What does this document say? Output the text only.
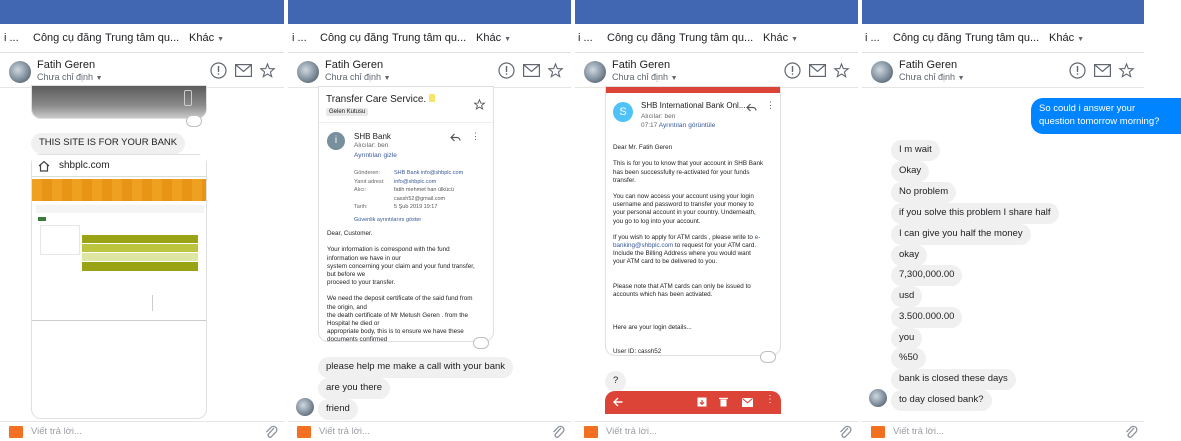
i ... Công cụ đăng Trung tâm qu... Khác ▼
Fatih Geren
Chưa chỉ định ▼
THIS SITE IS FOR YOUR BANK
shbplc.com
Viết trả lời...
i ... Công cụ đăng Trung tâm qu... Khác ▼
Fatih Geren
Chưa chỉ định ▼
Transfer Care Service.
Gelen Kutusu
i	SHB Bank
Alıcılar: ben
Ayrıntıları gizle
⋮
Gönderen:
Yanıt adresi:
Alıcı:

Tarih:
SHB Bank info@shbplc.com
info@shbplc.com
fatih mehmet han ülkücü
cassh52@gmail.com
5 Şub 2019 19:17
Güvenlik ayrıntılarını göster
Dear, Customer.

Your information is correspond with the fund
information we have in our
system concerning your claim and your fund transfer,
but before we
proceed to your transfer.

We need the deposit certificate of the said fund from
the origin, and
the death certificate of Mr Metush Geren . from the
Hospital he died or
appropriate body, this is to ensure we have these
documents confirmed
please help me make a call with your bank
are you there
friend
Viết trả lời...
i ... Công cụ đăng Trung tâm qu... Khác ▼
Fatih Geren
Chưa chỉ định ▼
S
SHB International Bank Onl...
Alıcılar: ben
07:17 Ayrıntıları görüntüle
⋮
Dear Mr. Fatih Geren

This is for you to know that your account in SHB Bank
has been successfully re-activated for your funds
transfer.

You can now access your account using your login
username and password to transfer your money to
your personal account in your country. Underneath,
you go to log into your account.

If you wish to apply for ATM cards , please write to e-banking@shbplc.com to request for your ATM card.
Include the Billing Address where you would want
your ATM card to be delivered to you.

Please note that ATM cards can only be issued to
accounts which has been activated.

Here are your login details...

User ID: cassh52
?
⋮
Viết trả lời...
i ... Công cụ đăng Trung tâm qu... Khác ▼
Fatih Geren
Chưa chỉ định ▼
So could i answer your question tomorrow morning?
I m wait
Okay
No problem
if you solve this problem I share half
I can give you half the money
okay
7,300,000.00
usd
3.500.000.00
you
%50
bank is closed these days
to day closed bank?
Viết trả lời...
